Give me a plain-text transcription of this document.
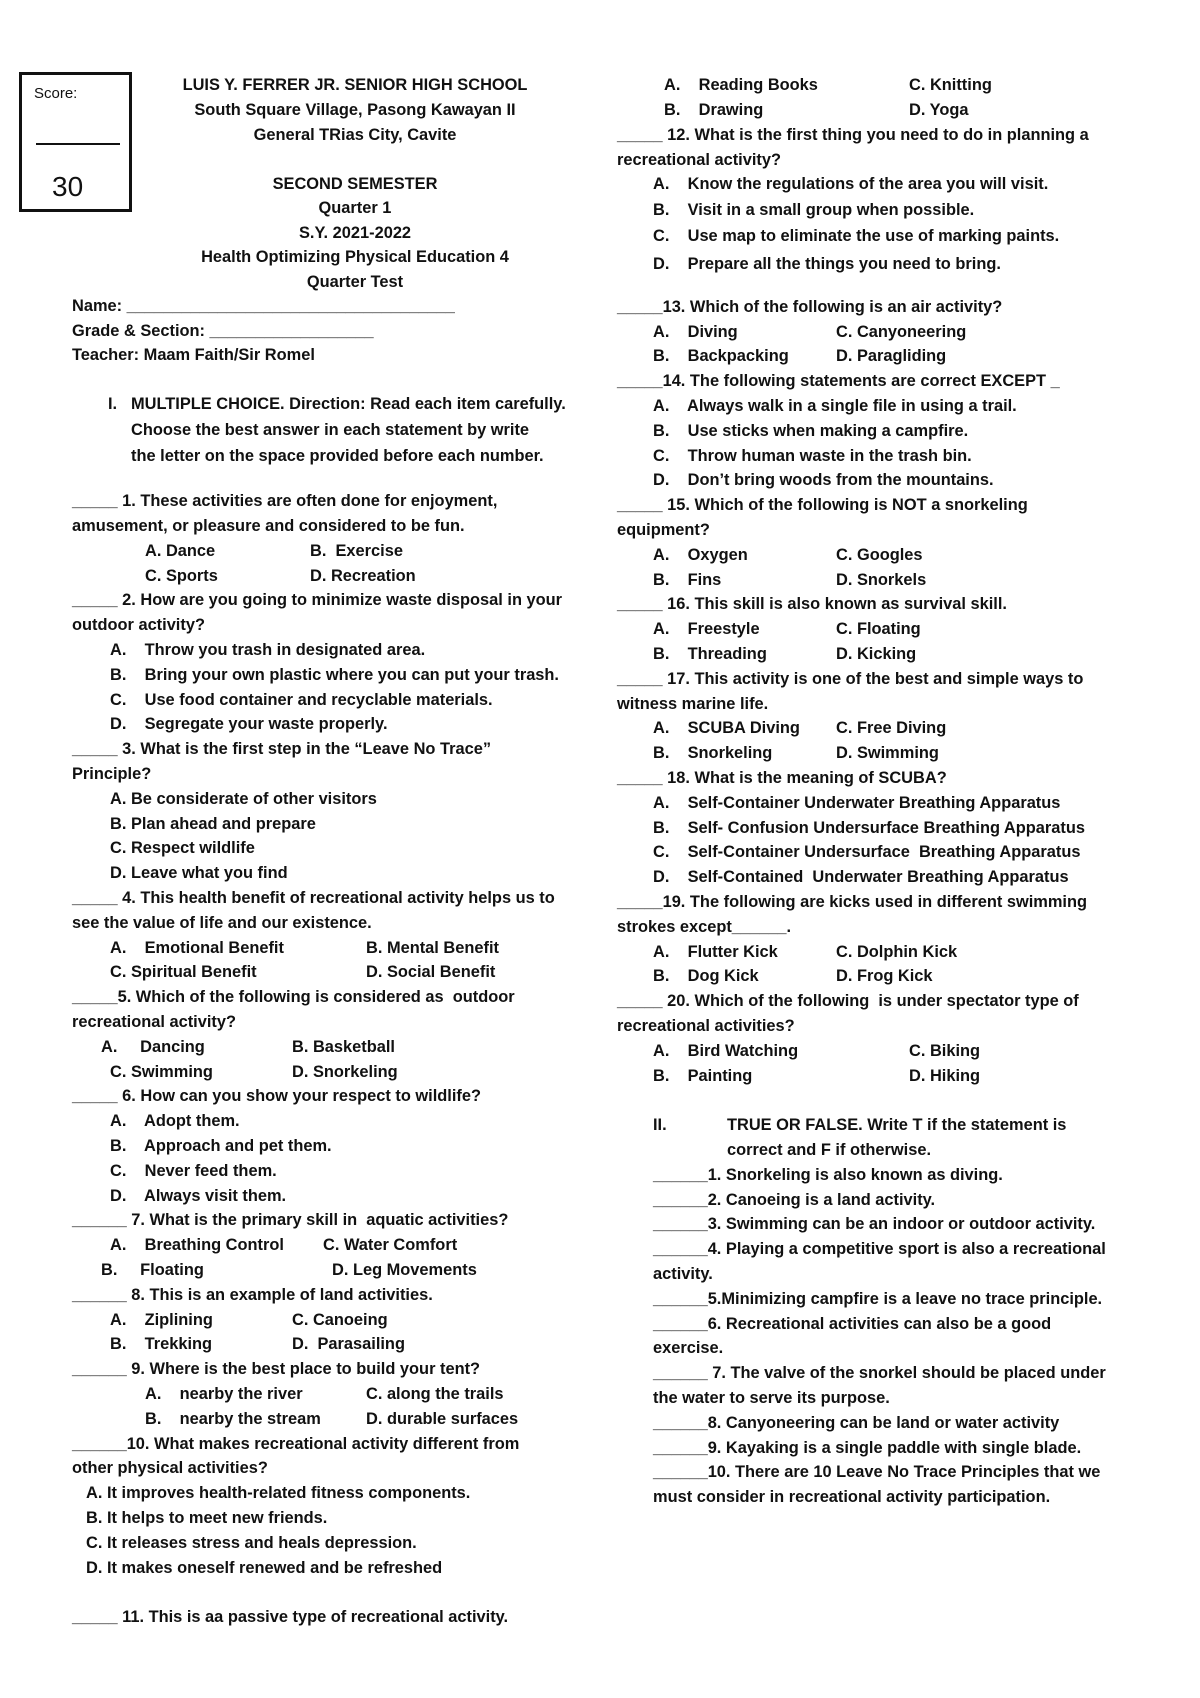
Score:
30
LUIS Y. FERRER JR. SENIOR HIGH SCHOOL
South Square Village, Pasong Kawayan II
General TRias City, Cavite
SECOND SEMESTER
Quarter 1
S.Y. 2021-2022
Health Optimizing Physical Education 4
Quarter Test
Name: ____________________________________
Grade & Section: __________________
Teacher: Maam Faith/Sir Romel
I. MULTIPLE CHOICE. Direction: Read each item carefully.
Choose the best answer in each statement by write
the letter on the space provided before each number.
_____ 1. These activities are often done for enjoyment,
amusement, or pleasure and considered to be fun.
A. Dance	B.  Exercise
C. Sports	D. Recreation
_____ 2. How are you going to minimize waste disposal in your
outdoor activity?
A.    Throw you trash in designated area.
B.    Bring your own plastic where you can put your trash.
C.    Use food container and recyclable materials.
D.    Segregate your waste properly.
_____ 3. What is the first step in the “Leave No Trace”
Principle?
A. Be considerate of other visitors
B. Plan ahead and prepare
C. Respect wildlife
D. Leave what you find
_____ 4. This health benefit of recreational activity helps us to
see the value of life and our existence.
A.    Emotional Benefit	B. Mental Benefit
C. Spiritual Benefit	D. Social Benefit
_____5. Which of the following is considered as  outdoor
recreational activity?
A.     Dancing	B. Basketball
C. Swimming	D. Snorkeling
_____ 6. How can you show your respect to wildlife?
A.    Adopt them.
B.    Approach and pet them.
C.    Never feed them.
D.    Always visit them.
______ 7. What is the primary skill in  aquatic activities?
A.    Breathing Control C. Water Comfort
B.     Floating	D. Leg Movements
______ 8. This is an example of land activities.
A.    Ziplining	C. Canoeing
B.    Trekking	D.  Parasailing
______ 9. Where is the best place to build your tent?
A.    nearby the river	C. along the trails
B.    nearby the stream	D. durable surfaces
______10. What makes recreational activity different from
other physical activities?
A. It improves health-related fitness components.
B. It helps to meet new friends.
C. It releases stress and heals depression.
D. It makes oneself renewed and be refreshed
_____ 11. This is aa passive type of recreational activity.
A.    Reading Books	C. Knitting
B.    Drawing	D. Yoga
_____ 12. What is the first thing you need to do in planning a
recreational activity?
A.    Know the regulations of the area you will visit.
B.    Visit in a small group when possible.
C.    Use map to eliminate the use of marking paints.
D.    Prepare all the things you need to bring.
_____13. Which of the following is an air activity?
A.    Diving	C. Canyoneering
B.    Backpacking	D. Paragliding
_____14. The following statements are correct EXCEPT _
A.    Always walk in a single file in using a trail.
B.    Use sticks when making a campfire.
C.    Throw human waste in the trash bin.
D.    Don’t bring woods from the mountains.
_____ 15. Which of the following is NOT a snorkeling
equipment?
A.    Oxygen	C. Googles
B.    Fins	D. Snorkels
_____ 16. This skill is also known as survival skill.
A.    Freestyle	C. Floating
B.    Threading	D. Kicking
_____ 17. This activity is one of the best and simple ways to
witness marine life.
A.    SCUBA Diving C. Free Diving
B.    Snorkeling	D. Swimming
_____ 18. What is the meaning of SCUBA?
A.    Self-Container Underwater Breathing Apparatus
B.    Self- Confusion Undersurface Breathing Apparatus
C.    Self-Container Undersurface  Breathing Apparatus
D.    Self-Contained  Underwater Breathing Apparatus
_____19. The following are kicks used in different swimming
strokes except______.
A.    Flutter Kick	C. Dolphin Kick
B.    Dog Kick	D. Frog Kick
_____ 20. Which of the following  is under spectator type of
recreational activities?
A.    Bird Watching	C. Biking
B.    Painting	D. Hiking
II.	TRUE OR FALSE. Write T if the statement is
correct and F if otherwise.
______1. Snorkeling is also known as diving.
______2. Canoeing is a land activity.
______3. Swimming can be an indoor or outdoor activity.
______4. Playing a competitive sport is also a recreational
activity.
______5.Minimizing campfire is a leave no trace principle.
______6. Recreational activities can also be a good
exercise.
______ 7. The valve of the snorkel should be placed under
the water to serve its purpose.
______8. Canyoneering can be land or water activity
______9. Kayaking is a single paddle with single blade.
______10. There are 10 Leave No Trace Principles that we
must consider in recreational activity participation.
